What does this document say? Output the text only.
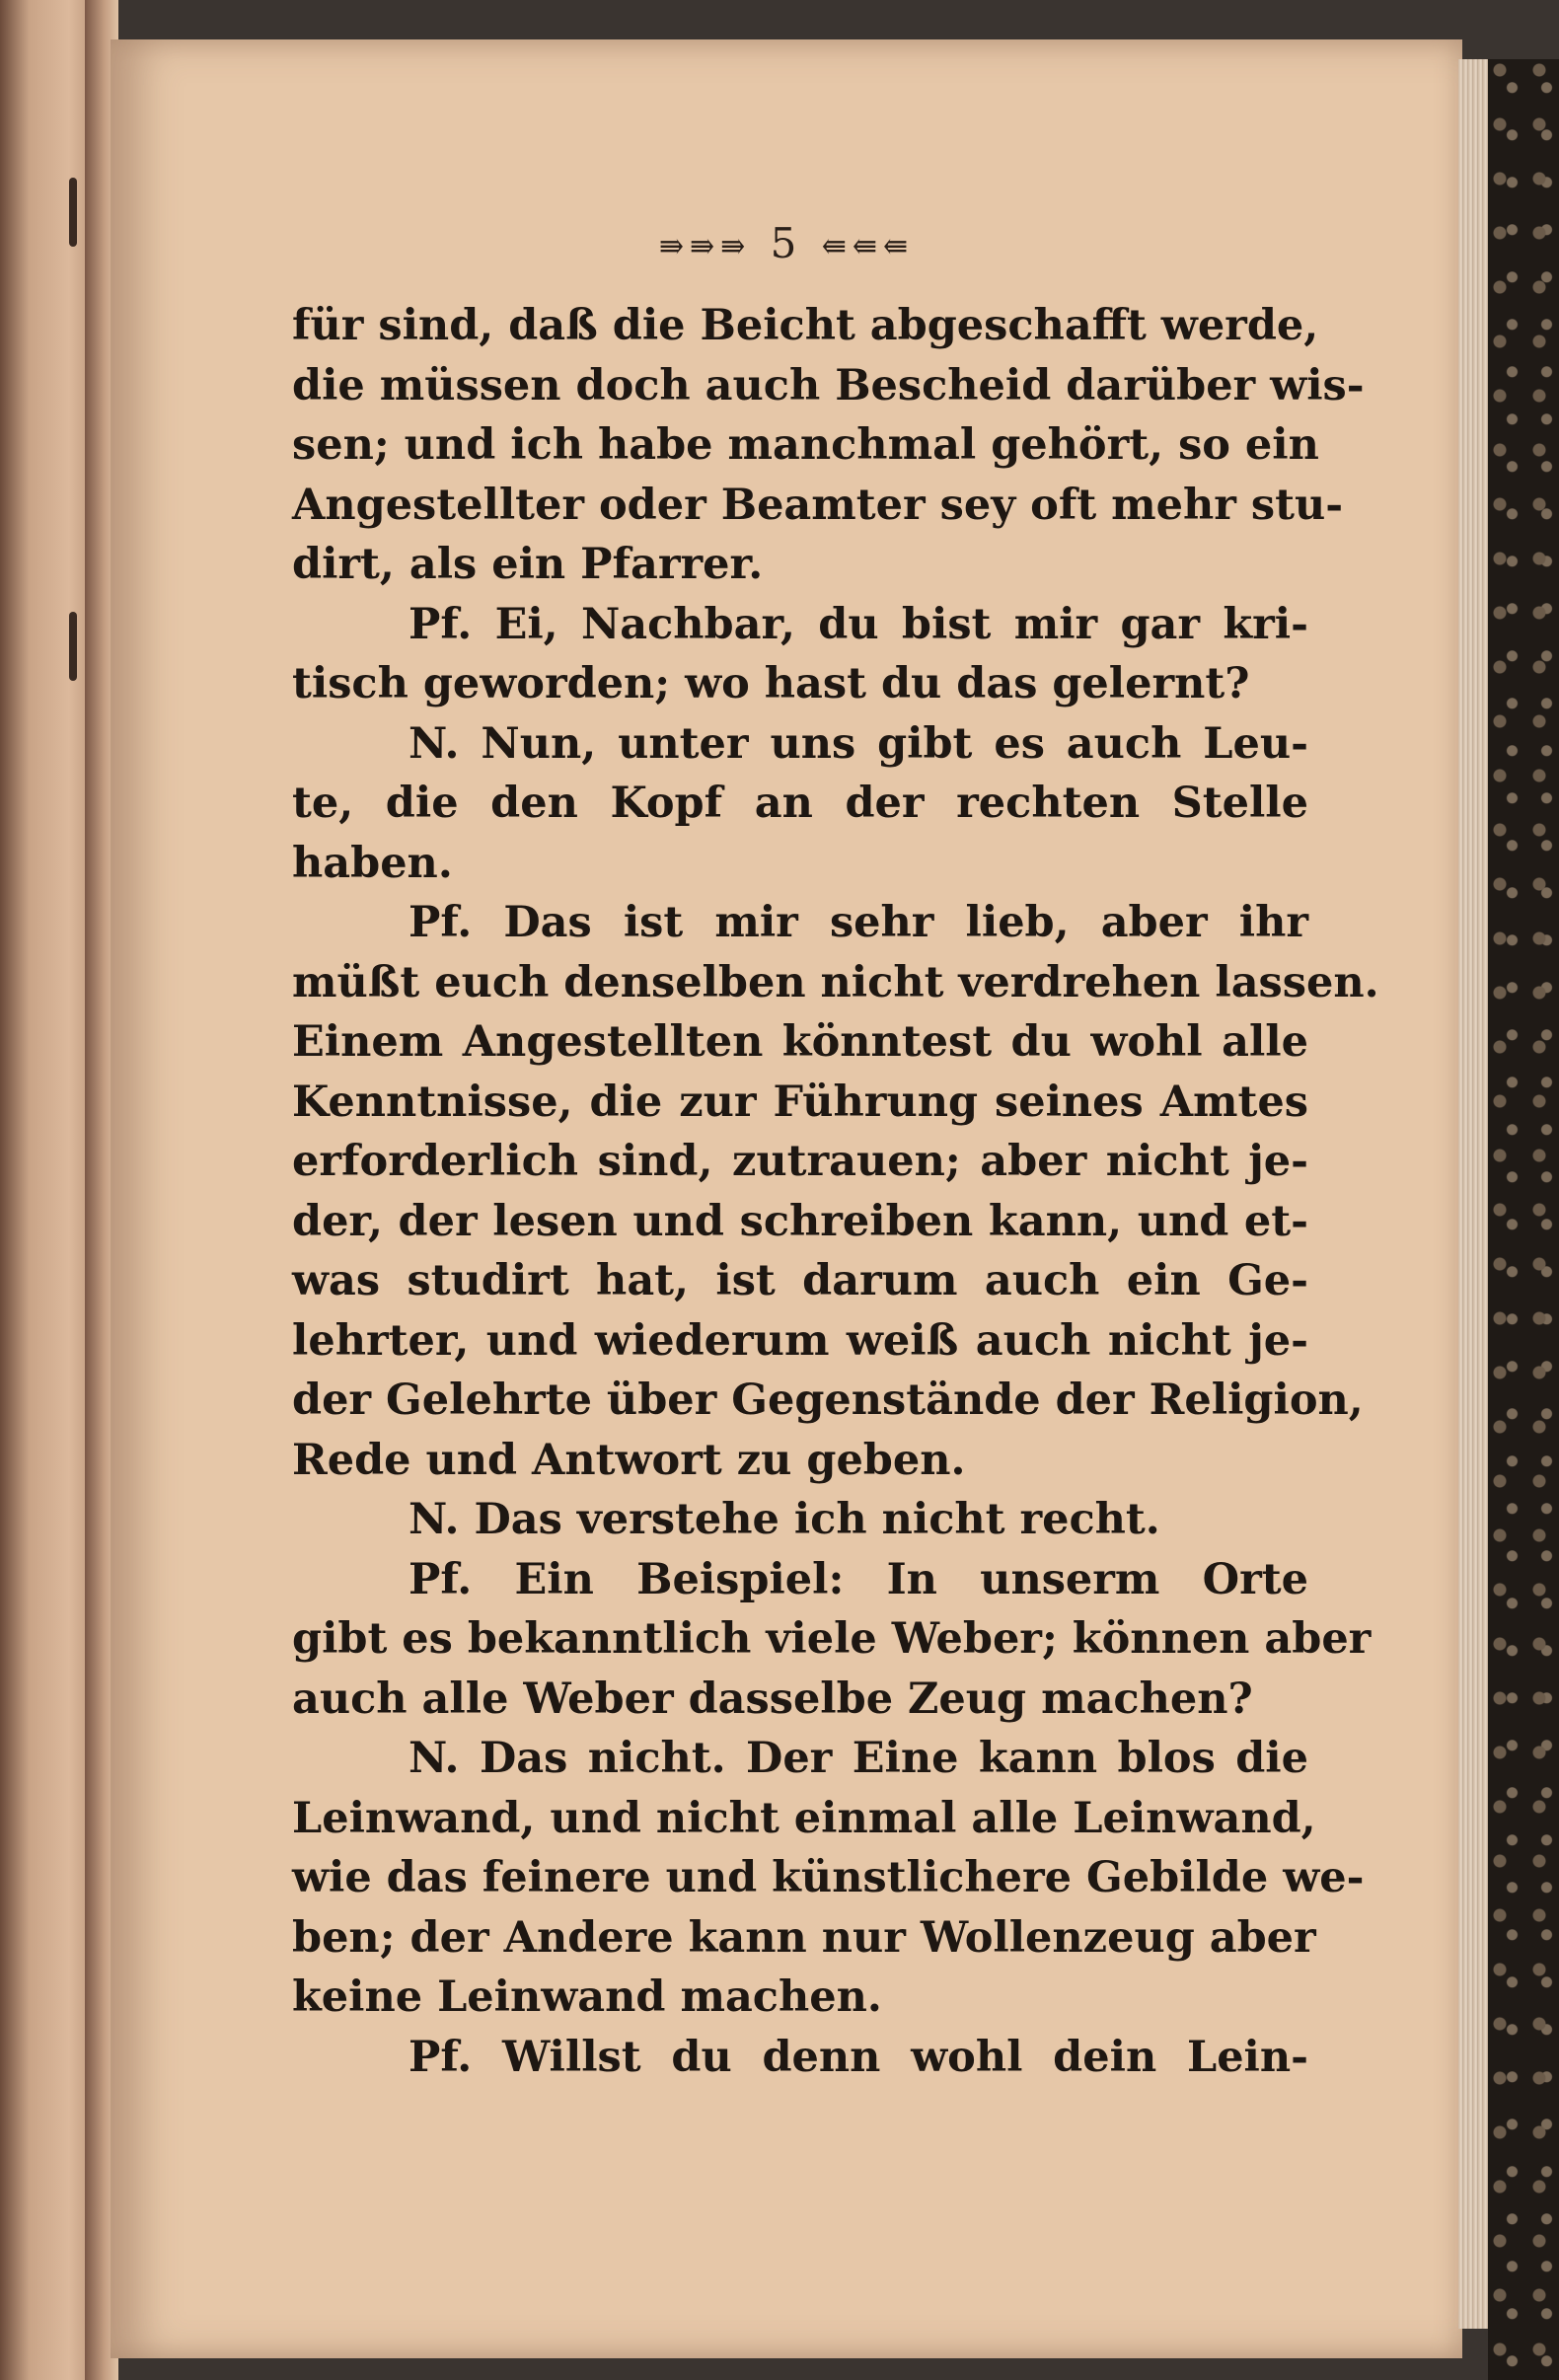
⇛⇛⇛ 5 ⇚⇚⇚
für sind, daß die Beicht abgeschafft werde,
die müssen doch auch Bescheid darüber wis-
sen; und ich habe manchmal gehört, so ein
Angestellter oder Beamter sey oft mehr stu-
dirt, als ein Pfarrer.
Pf. Ei, Nachbar, du bist mir gar kri-
tisch geworden; wo hast du das gelernt?
N. Nun, unter uns gibt es auch Leu-
te, die den Kopf an der rechten Stelle
haben.
Pf. Das ist mir sehr lieb, aber ihr
müßt euch denselben nicht verdrehen lassen.
Einem Angestellten könntest du wohl alle
Kenntnisse, die zur Führung seines Amtes
erforderlich sind, zutrauen; aber nicht je-
der, der lesen und schreiben kann, und et-
was studirt hat, ist darum auch ein Ge-
lehrter, und wiederum weiß auch nicht je-
der Gelehrte über Gegenstände der Religion,
Rede und Antwort zu geben.
N. Das verstehe ich nicht recht.
Pf. Ein Beispiel: In unserm Orte
gibt es bekanntlich viele Weber; können aber
auch alle Weber dasselbe Zeug machen?
N. Das nicht. Der Eine kann blos die
Leinwand, und nicht einmal alle Leinwand,
wie das feinere und künstlichere Gebilde we-
ben; der Andere kann nur Wollenzeug aber
keine Leinwand machen.
Pf. Willst du denn wohl dein Lein-
